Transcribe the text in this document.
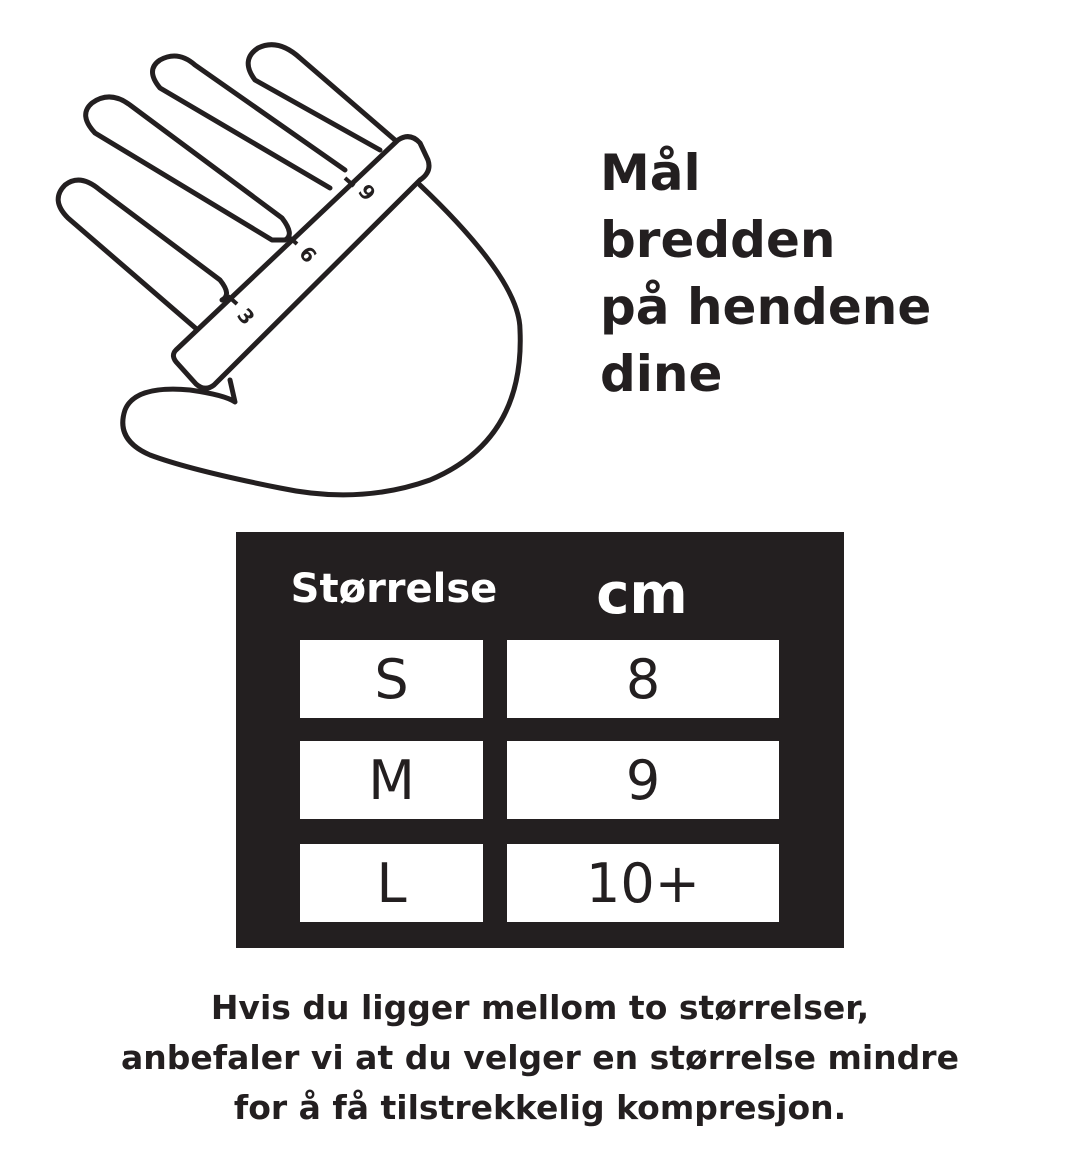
9
6
3
Mål
bredden
på hendene
dine
Størrelse	cm
S	8
M	9
L	10+
Hvis du ligger mellom to størrelser,
anbefaler vi at du velger en størrelse mindre
for å få tilstrekkelig kompresjon.
